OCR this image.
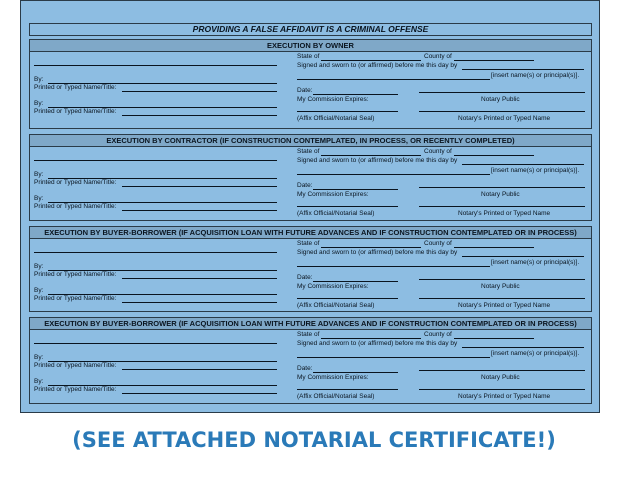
PROVIDING A FALSE AFFIDAVIT IS A CRIMINAL OFFENSE
EXECUTION BY OWNER
By:
Printed or Typed Name/Title:
By:
Printed or Typed Name/Title:
State of	County of
Signed and sworn to (or affirmed) before me this day by
[insert name(s) or principal(s)].
Date:
My Commission Expires:	Notary Public
(Affix Official/Notarial Seal)	Notary's Printed or Typed Name
EXECUTION BY CONTRACTOR (IF CONSTRUCTION CONTEMPLATED, IN PROCESS, OR RECENTLY COMPLETED)
By:
Printed or Typed Name/Title:
By:
Printed or Typed Name/Title:
State of	County of
Signed and sworn to (or affirmed) before me this day by
[insert name(s) or principal(s)].
Date:
My Commission Expires:	Notary Public
(Affix Official/Notarial Seal)	Notary's Printed or Typed Name
EXECUTION BY BUYER-BORROWER (IF ACQUISITION LOAN WITH FUTURE ADVANCES AND IF CONSTRUCTION CONTEMPLATED OR IN PROCESS)
By:
Printed or Typed Name/Title:
By:
Printed or Typed Name/Title:
State of	County of
Signed and sworn to (or affirmed) before me this day by
[insert name(s) or principal(s)].
Date:
My Commission Expires:	Notary Public
(Affix Official/Notarial Seal)	Notary's Printed or Typed Name
EXECUTION BY BUYER-BORROWER (IF ACQUISITION LOAN WITH FUTURE ADVANCES AND IF CONSTRUCTION CONTEMPLATED OR IN PROCESS)
By:
Printed or Typed Name/Title:
By:
Printed or Typed Name/Title:
State of	County of
Signed and sworn to (or affirmed) before me this day by
[insert name(s) or principal(s)].
Date:
My Commission Expires:	Notary Public
(Affix Official/Notarial Seal)	Notary's Printed or Typed Name
(SEE ATTACHED NOTARIAL CERTIFICATE!)
